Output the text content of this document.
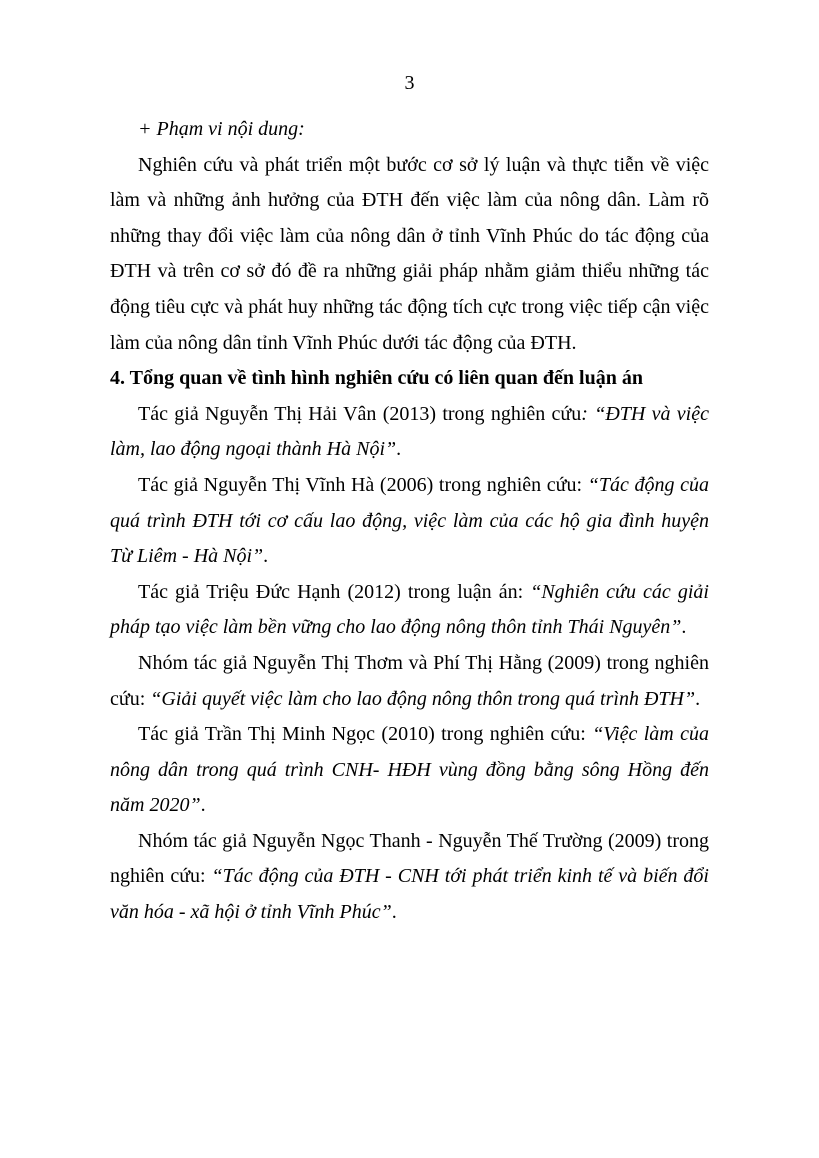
3

+ Phạm vi nội dung:

Nghiên cứu và phát triển một bước cơ sở lý luận và thực tiễn về việc làm và những ảnh hưởng của ĐTH đến việc làm của nông dân. Làm rõ những thay đổi việc làm của nông dân ở tỉnh Vĩnh Phúc do tác động của ĐTH và trên cơ sở đó đề ra những giải pháp nhằm giảm thiểu những tác động tiêu cực và phát huy những tác động tích cực trong việc tiếp cận việc làm của nông dân tỉnh Vĩnh Phúc dưới tác động của ĐTH.

4. Tổng quan về tình hình nghiên cứu có liên quan đến luận án

Tác giả Nguyễn Thị Hải Vân (2013) trong nghiên cứu: “ĐTH và việc làm, lao động ngoại thành Hà Nội”.

Tác giả Nguyễn Thị Vĩnh Hà (2006) trong nghiên cứu: “Tác động của quá trình ĐTH tới cơ cấu lao động, việc làm của các hộ gia đình huyện Từ Liêm - Hà Nội”.

Tác giả Triệu Đức Hạnh (2012) trong luận án: “Nghiên cứu các giải pháp tạo việc làm bền vững cho lao động nông thôn tỉnh Thái Nguyên”.

Nhóm tác giả Nguyễn Thị Thơm và Phí Thị Hằng (2009) trong nghiên cứu: “Giải quyết việc làm cho lao động nông thôn trong quá trình ĐTH”.

Tác giả Trần Thị Minh Ngọc (2010) trong nghiên cứu: “Việc làm của nông dân trong quá trình CNH- HĐH vùng đồng bằng sông Hồng đến năm 2020”.

Nhóm tác giả Nguyễn Ngọc Thanh - Nguyễn Thế Trường (2009) trong nghiên cứu: “Tác động của ĐTH - CNH tới phát triển kinh tế và biến đổi văn hóa - xã hội ở tỉnh Vĩnh Phúc”.
